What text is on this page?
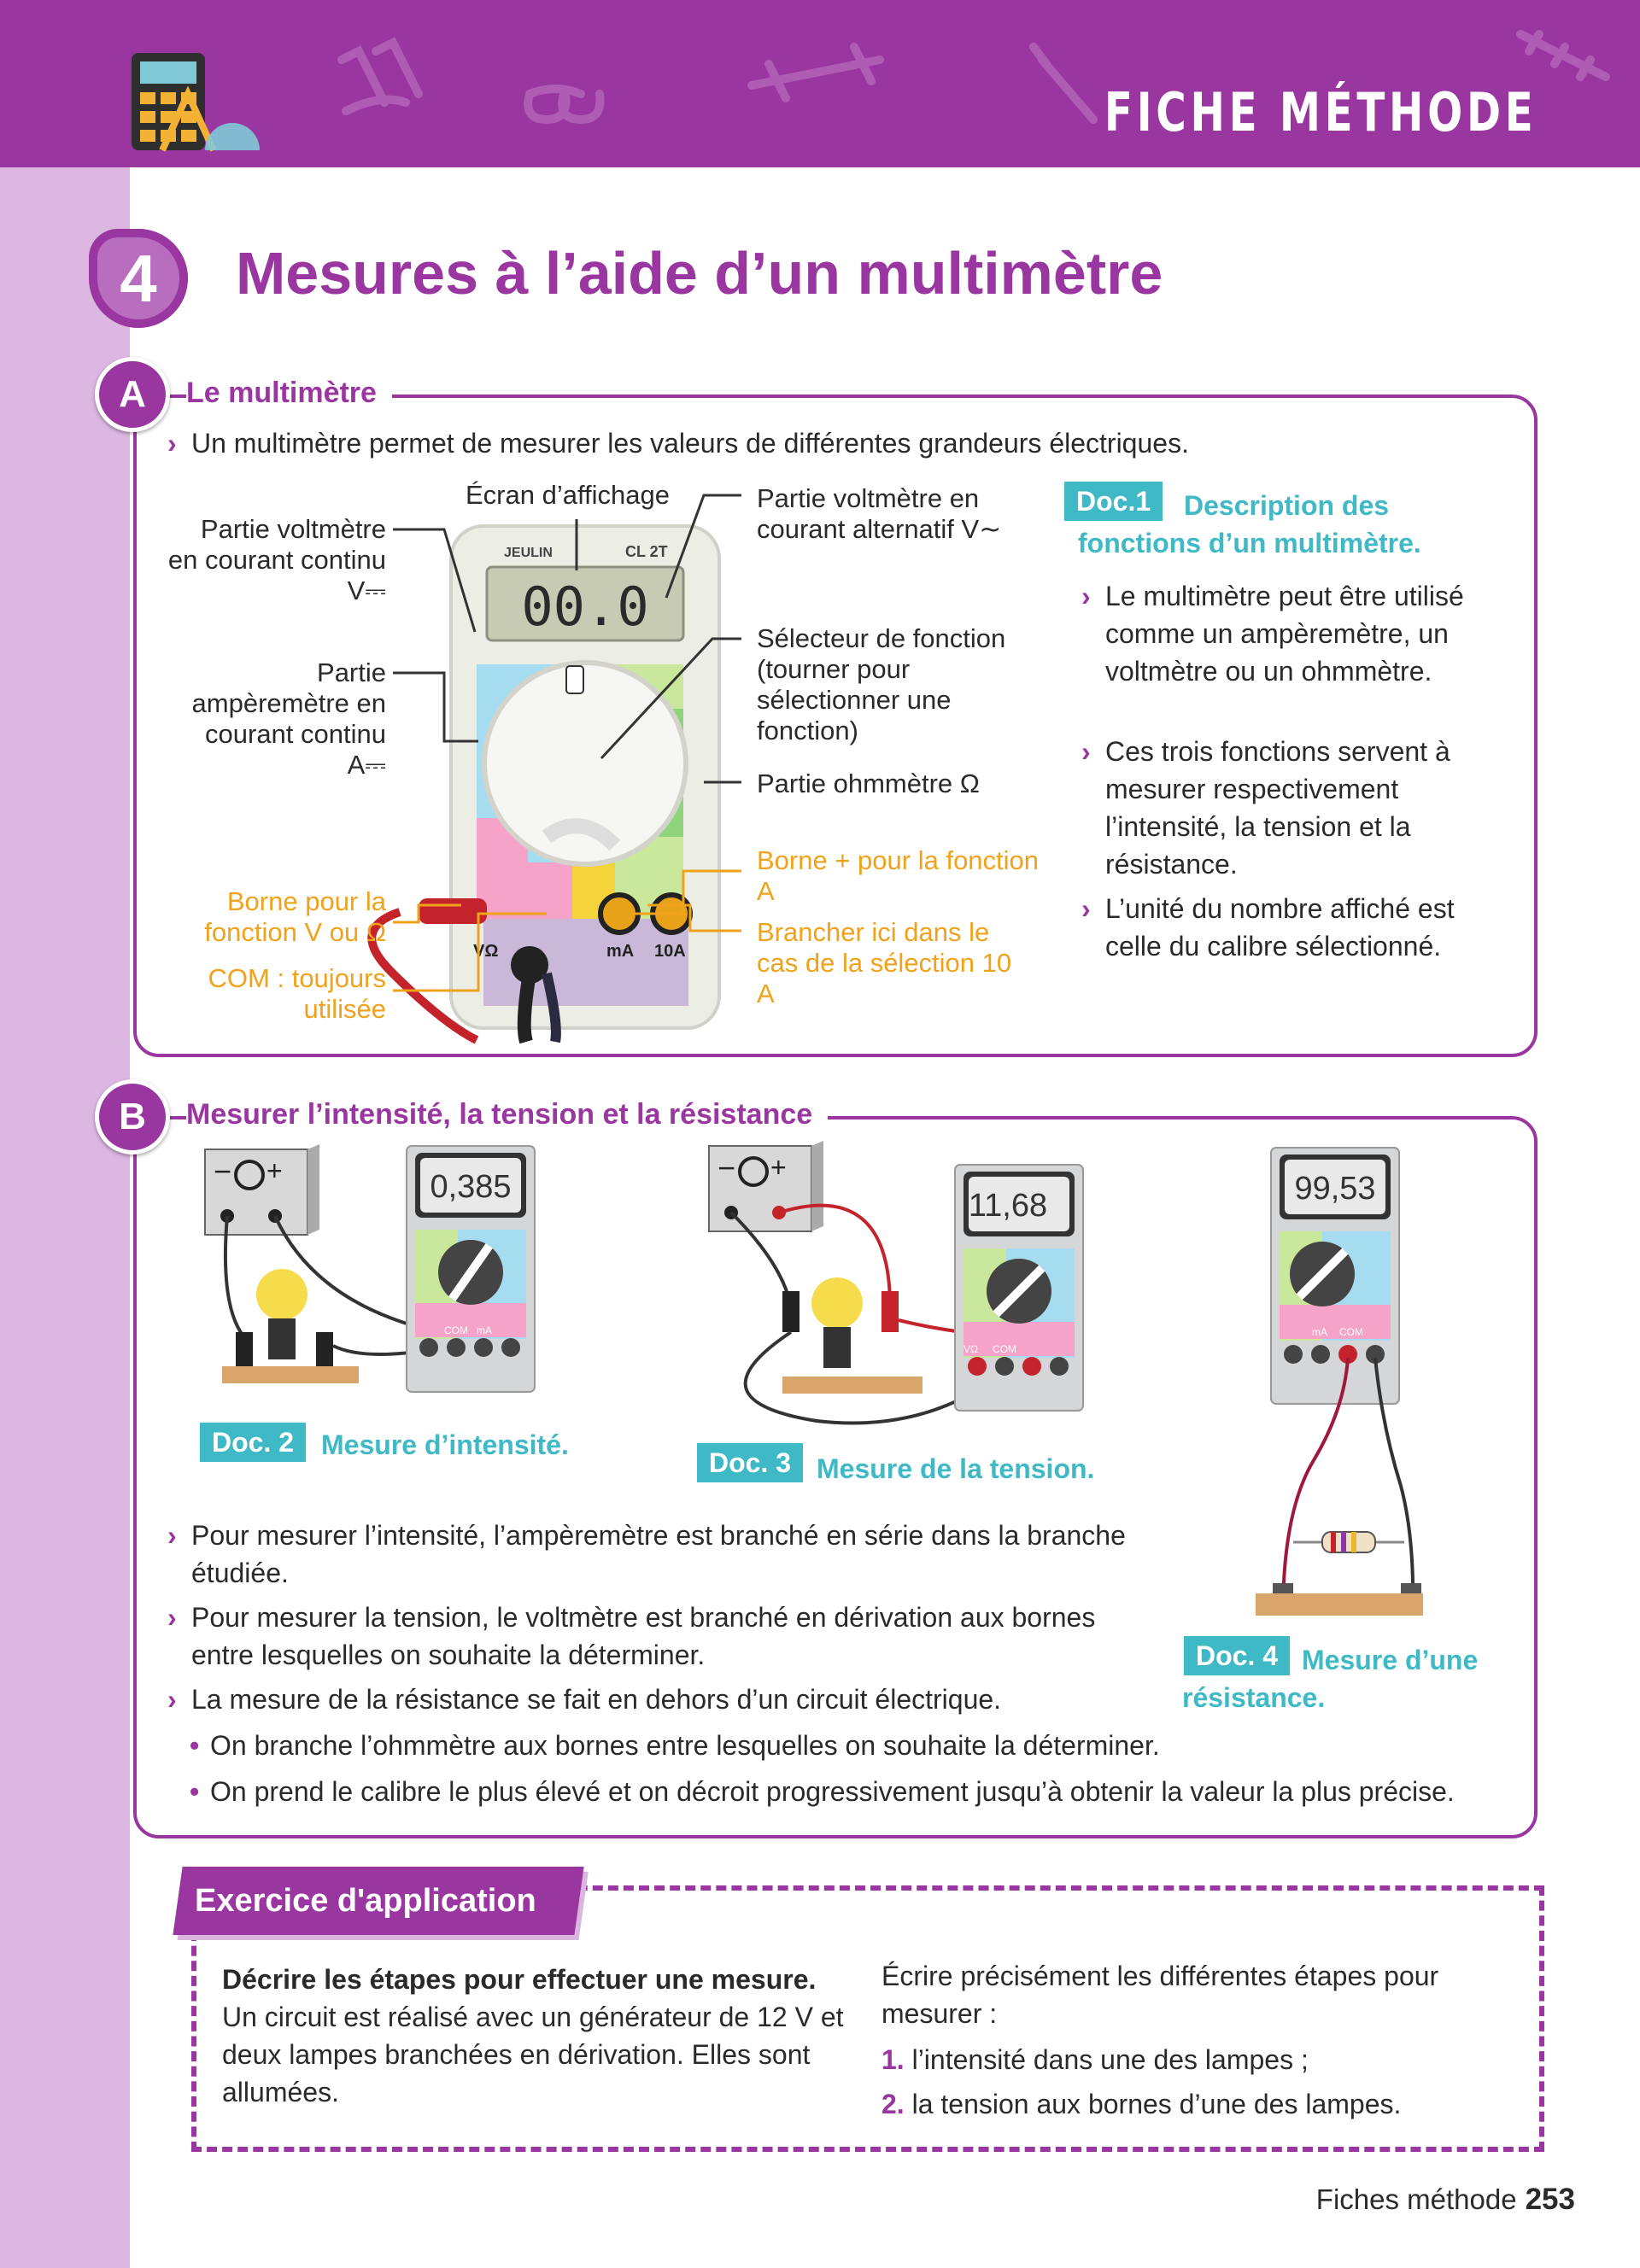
FICHE MÉTHODE
4	Mesures à l’aide d’un multimètre
Le multimètre
A
› Un multimètre permet de mesurer les valeurs de différentes grandeurs électriques.
JEULIN	CL 2T
00.0
VΩ	mA 10A
Écran d’affichage
Partie voltmètre en courant continu V⎓
Partie ampèremètre en courant continu A⎓
Borne pour la fonction V ou Ω
COM : toujours utilisée
Partie voltmètre en courant alternatif V∼
Sélecteur de fonction (tourner pour sélectionner une fonction)
Partie ohmmètre Ω
Borne + pour la fonction A
Brancher ici dans le cas de la sélection 10 A
Doc.1	Description des fonctions d’un multimètre.
› Le multimètre peut être utilisé comme un ampèremètre, un voltmètre ou un ohmmètre.
› Ces trois fonctions servent à mesurer respectivement l’intensité, la tension et la résistance.
› L’unité du nombre affiché est celle du calibre sélectionné.
Mesurer l’intensité, la tension et la résistance
B
− +	0,385
COM mA
− +
11,68
VΩ COM
99,53
mA COM
Doc. 2 Mesure d’intensité.
Doc. 3 Mesure de la tension.
Doc. 4 Mesure d’une résistance.
› Pour mesurer l’intensité, l’ampèremètre est branché en série dans la branche étudiée.
› Pour mesurer la tension, le voltmètre est branché en dérivation aux bornes entre lesquelles on souhaite la déterminer.
› La mesure de la résistance se fait en dehors d’un circuit électrique.
• On branche l’ohmmètre aux bornes entre lesquelles on souhaite la déterminer.
• On prend le calibre le plus élevé et on décroit progressivement jusqu’à obtenir la valeur la plus précise.
Exercice d'application
Décrire les étapes pour effectuer une mesure.
Un circuit est réalisé avec un générateur de 12 V et deux lampes branchées en dérivation. Elles sont allumées.
Écrire précisément les différentes étapes pour mesurer :
1. l’intensité dans une des lampes ;
2. la tension aux bornes d’une des lampes.
Fiches méthode 253
